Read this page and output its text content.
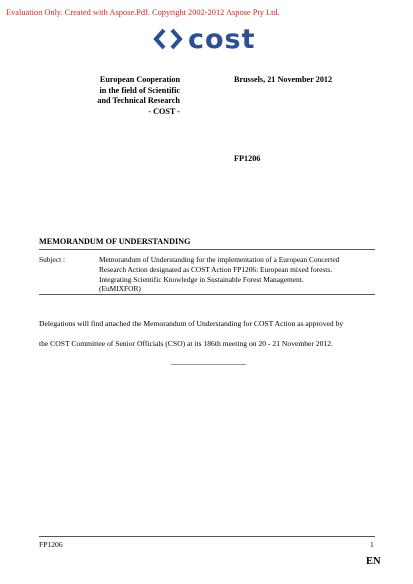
Evaluation Only. Created with Aspose.Pdf. Copyright 2002-2012 Aspose Pty Ltd.
cost
European Cooperation
in the field of Scientific
and Technical Research
- COST -
Brussels, 21 November 2012
FP1206
MEMORANDUM OF UNDERSTANDING
Subject :	Memorandum of Understanding for the implementation of a European Concerted
Research Action designated as COST Action FP1206: European mixed forests.
Integrating Scientific Knowledge in Sustainable Forest Management.
(EuMIXFOR)
Delegations will find attached the Memorandum of Understanding for COST Action as approved by
the COST Committee of Senior Officials (CSO) at its 186th meeting on 20 - 21 November 2012.
FP1206	1
EN
